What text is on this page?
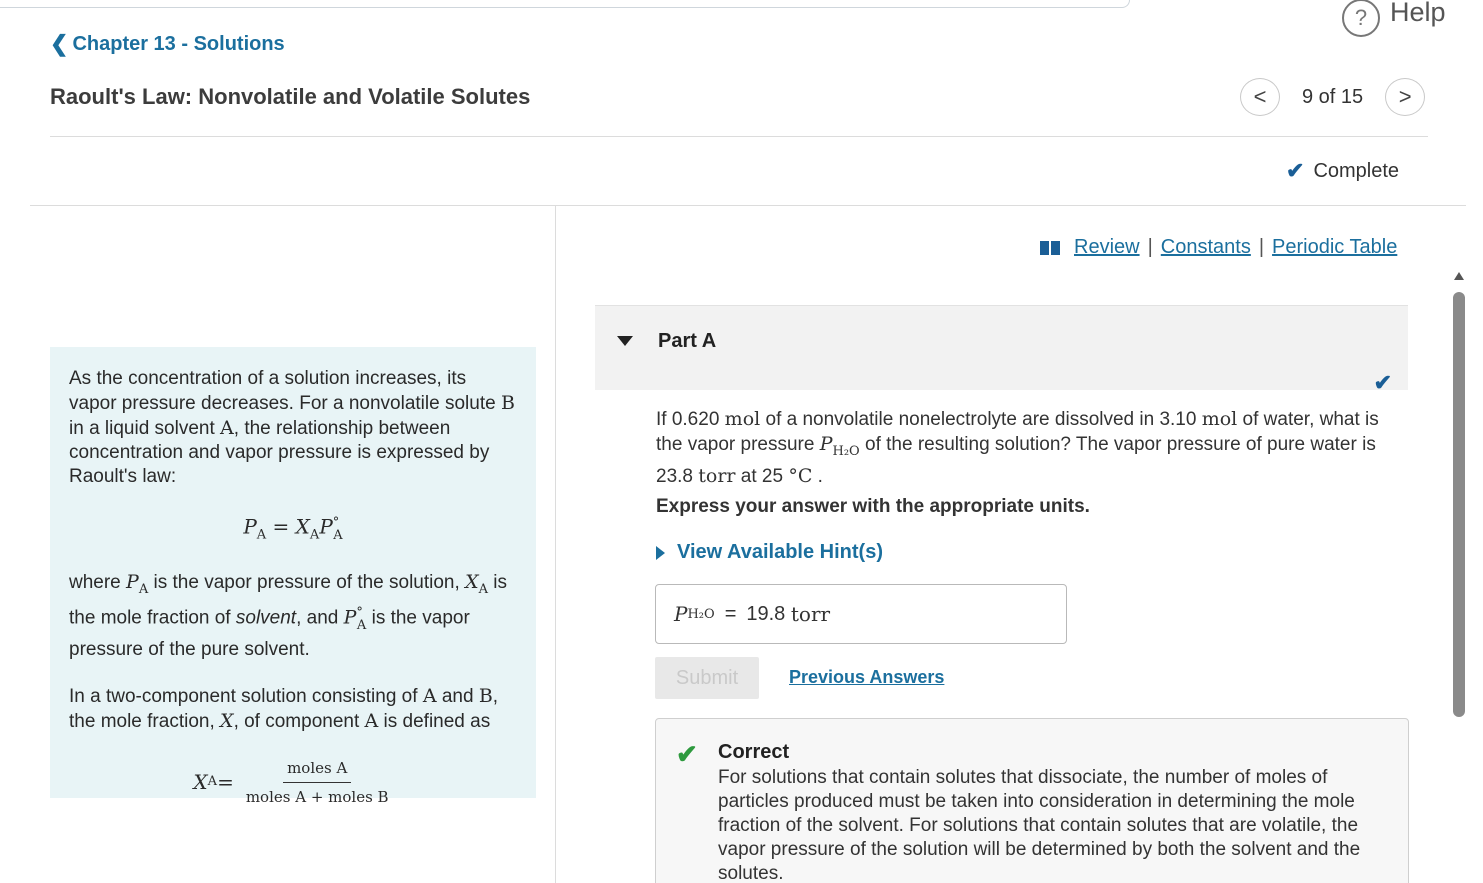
? Help
❮ Chapter 13 - Solutions
Raoult's Law: Nonvolatile and Volatile Solutes	< 9 of 15 >
✔ Complete

As the concentration of a solution increases, its vapor pressure decreases. For a nonvolatile solute B in a liquid solvent A, the relationship between concentration and vapor pressure is expressed by Raoult's law:

$P_A = X_AP^\circ_A$

where $P_A$ is the vapor pressure of the solution, $X_A$ is the mole fraction of solvent, and $P^\circ_A$ is the vapor pressure of the pure solvent.

In a two-component solution consisting of A and B, the mole fraction, X, of component A is defined as

X $A = \frac{\text{moles A}}{\text{moles A + moles B}}$
Review | Constants | Periodic Table
Part A
✔
If 0.620 mol of a nonvolatile nonelectrolyte are dissolved in 3.10 mol of water, what is the vapor pressure $P_{H_2O}$ of the resulting solution? The vapor pressure of pure water is 23.8 torr at 25 °C .
Express your answer with the appropriate units.
View Available Hint(s)
P H₂O = 19.8
torr
Submit	Previous Answers
✔ Correct
For solutions that contain solutes that dissociate, the number of moles of particles produced must be taken into consideration in determining the mole fraction of the solvent. For solutions that contain solutes that are volatile, the vapor pressure of the solution will be determined by both the solvent and the solutes.
